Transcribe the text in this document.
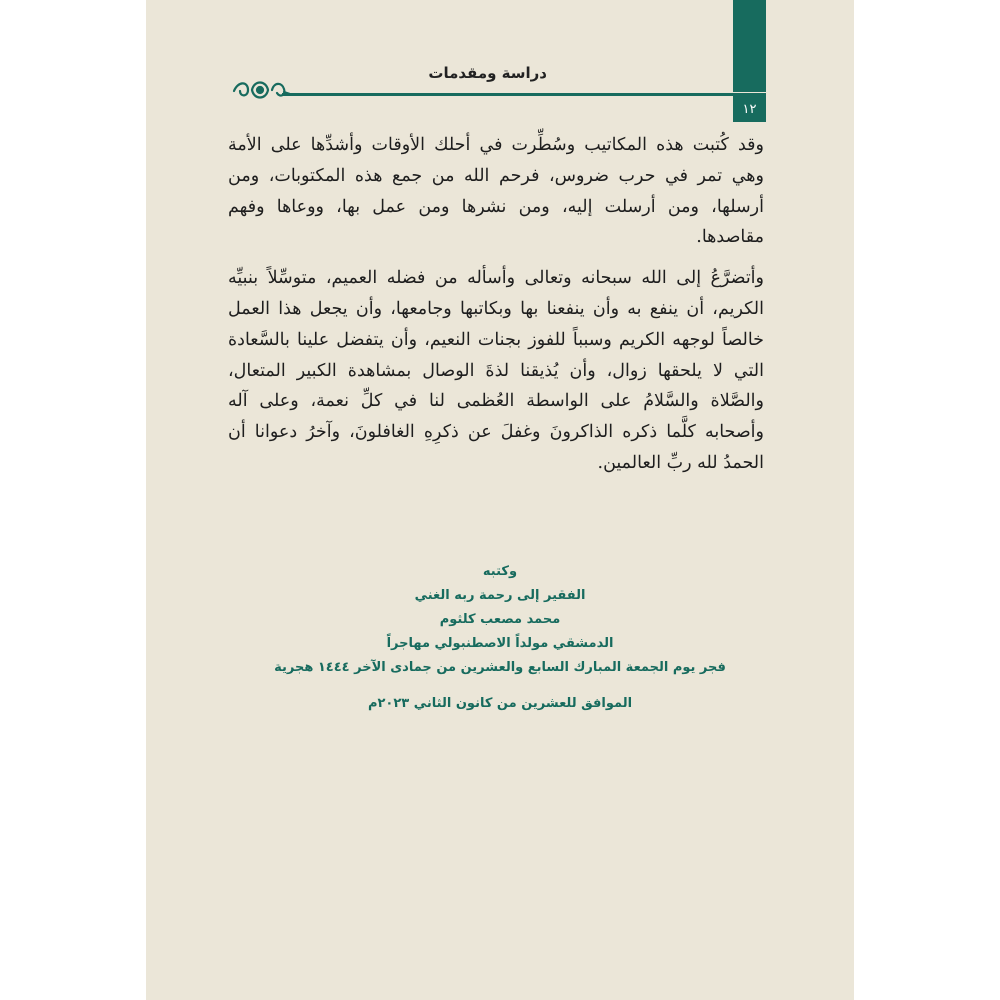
١٢
دراسة ومقدمات

وقد كُتبت هذه المكاتيب وسُطِّرت في أحلك الأوقات وأشدِّها على الأمة وهي تمر في حرب ضروس، فرحم الله من جمع هذه المكتوبات، ومن أرسلها، ومن أرسلت إليه، ومن نشرها ومن عمل بها، ووعاها وفهم مقاصدها.

وأتضرَّعُ إلى الله سبحانه وتعالى وأسأله من فضله العميم، متوسِّلاً بنبيِّه الكريم، أن ينفع به وأن ينفعنا بها وبكاتبها وجامعها، وأن يجعل هذا العمل خالصاً لوجهه الكريم وسبباً للفوز بجنات النعيم، وأن يتفضل علينا بالسَّعادة التي لا يلحقها زوال، وأن يُذيقنا لذةَ الوصال بمشاهدة الكبير المتعال، والصَّلاة والسَّلامُ على الواسطة العُظمى لنا في كلِّ نعمة، وعلى آله وأصحابه كلَّما ذكره الذاكرونَ وغفلَ عن ذكرِهِ الغافلونَ، وآخرُ دعوانا أن الحمدُ لله ربِّ العالمين.

وكتبه
الفقير إلى رحمة ربه الغني
محمد مصعب كلثوم
الدمشقي مولداً الاصطنبولي مهاجراً
فجر يوم الجمعة المبارك السابع والعشرين من جمادى الآخر ١٤٤٤ هجرية
الموافق للعشرين من كانون الثاني ٢٠٢٣م
